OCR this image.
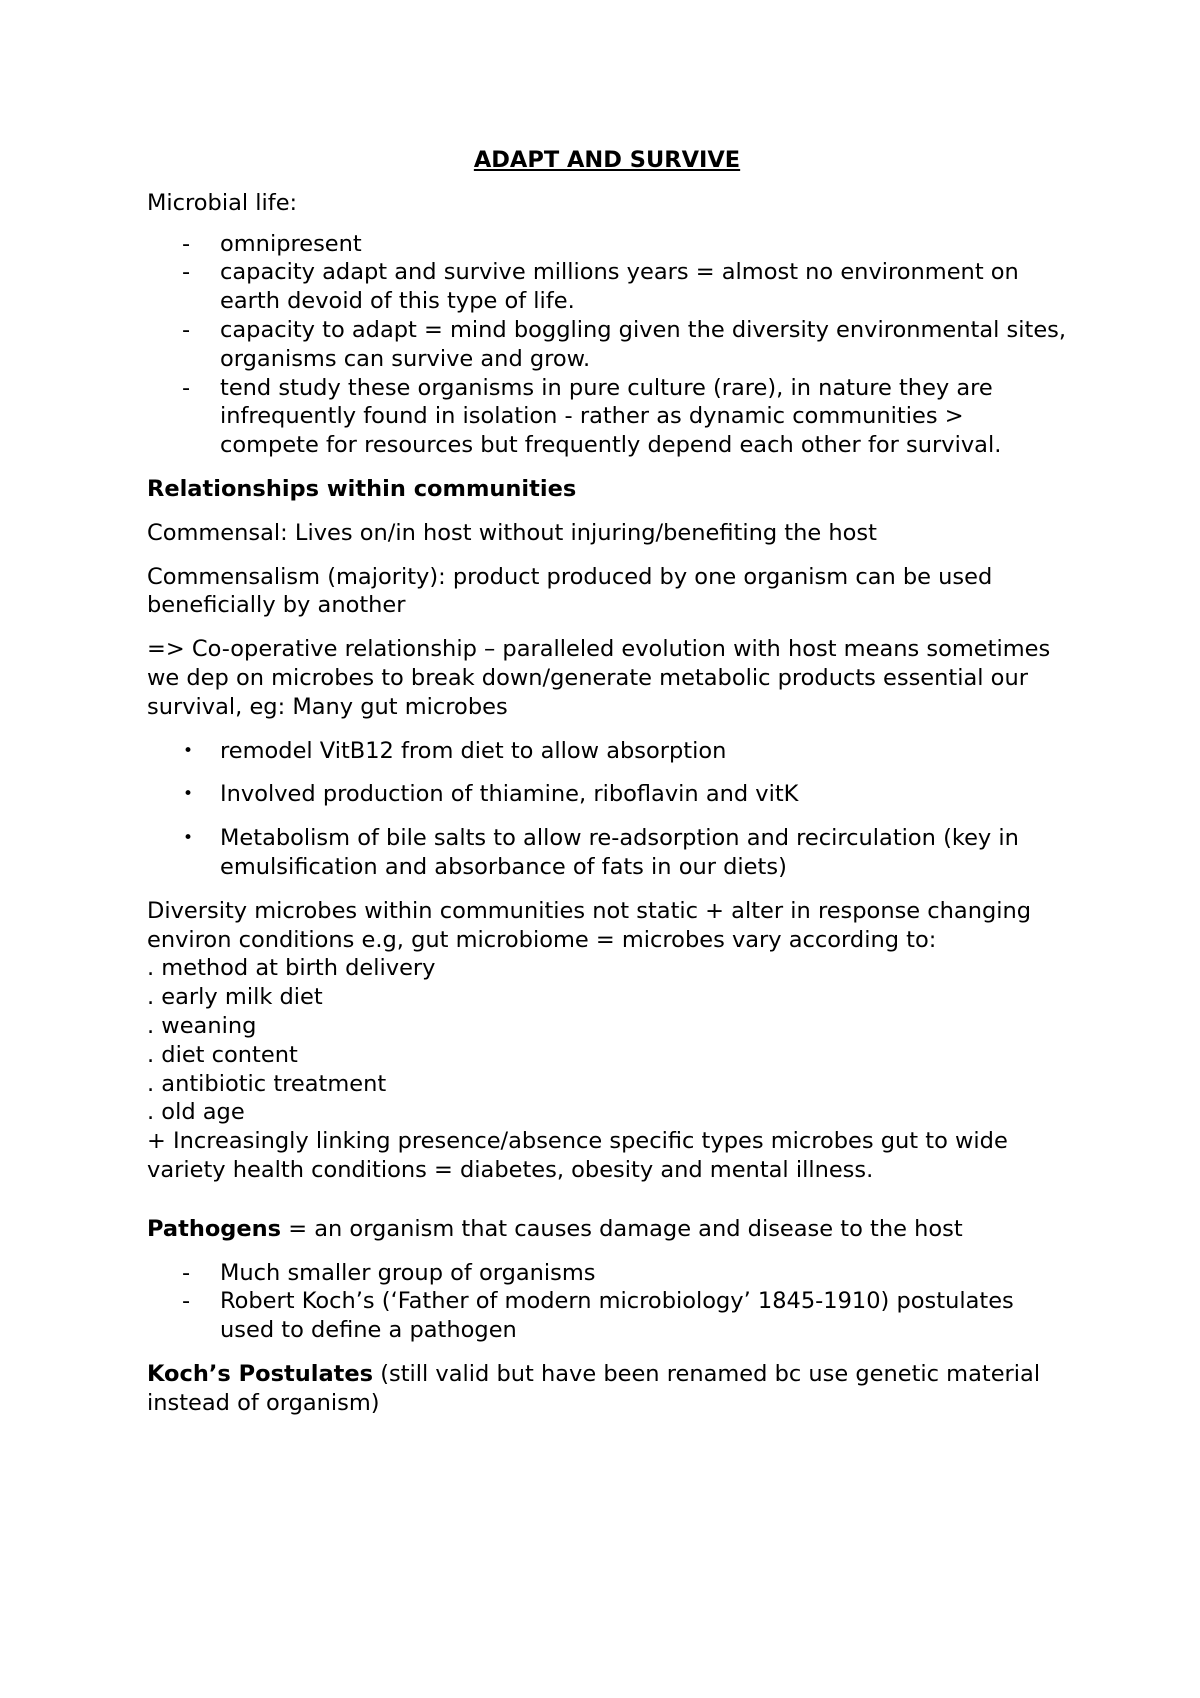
ADAPT AND SURVIVE

Microbial life:

- omnipresent
- capacity adapt and survive millions years = almost no environment on earth devoid of this type of life.
- capacity to adapt = mind boggling given the diversity environmental sites, organisms can survive and grow.
- tend study these organisms in pure culture (rare), in nature they are infrequently found in isolation - rather as dynamic communities > compete for resources but frequently depend each other for survival.

Relationships within communities

Commensal: Lives on/in host without injuring/benefiting the host

Commensalism (majority): product produced by one organism can be used beneficially by another

=> Co-operative relationship – paralleled evolution with host means sometimes we dep on microbes to break down/generate metabolic products essential our survival, eg: Many gut microbes

• remodel VitB12 from diet to allow absorption
• Involved production of thiamine, riboflavin and vitK
• Metabolism of bile salts to allow re-adsorption and recirculation (key in emulsification and absorbance of fats in our diets)
Diversity microbes within communities not static + alter in response changing environ conditions e.g, gut microbiome = microbes vary according to:
. method at birth delivery
. early milk diet
. weaning
. diet content
. antibiotic treatment
. old age
+ Increasingly linking presence/absence specific types microbes gut to wide variety health conditions = diabetes, obesity and mental illness.

Pathogens = an organism that causes damage and disease to the host

- Much smaller group of organisms
- Robert Koch’s (‘Father of modern microbiology’ 1845-1910) postulates used to define a pathogen

Koch’s Postulates (still valid but have been renamed bc use genetic material instead of organism)
